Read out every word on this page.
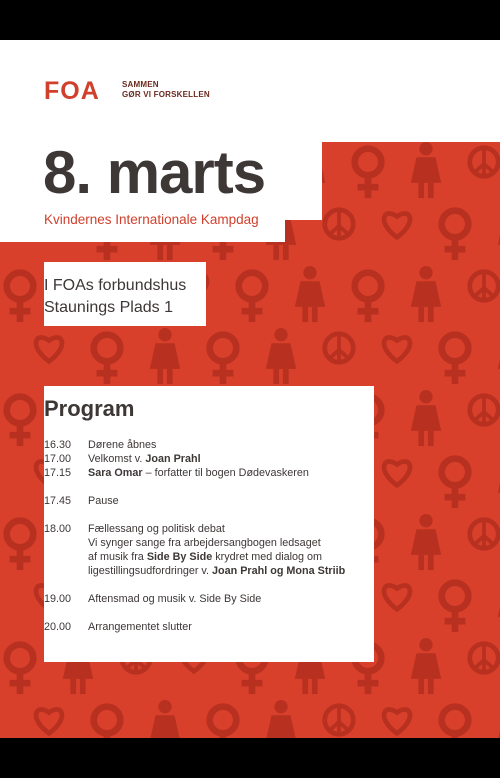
FOA	SAMMEN
GØR VI FORSKELLEN
8. marts
Kvindernes Internationale Kampdag
I FOAs forbundshus
Staunings Plads 1
Program
16.30	Dørene åbnes
17.00	Velkomst v. Joan Prahl
17.15	Sara Omar – forfatter til bogen Dødevaskeren
17.45	Pause
18.00	Fællessang og politisk debat
Vi synger sange fra arbejdersangbogen ledsaget
af musik fra Side By Side krydret med dialog om
ligestillingsudfordringer v. Joan Prahl og Mona Striib
19.00	Aftensmad og musik v. Side By Side
20.00	Arrangementet slutter
